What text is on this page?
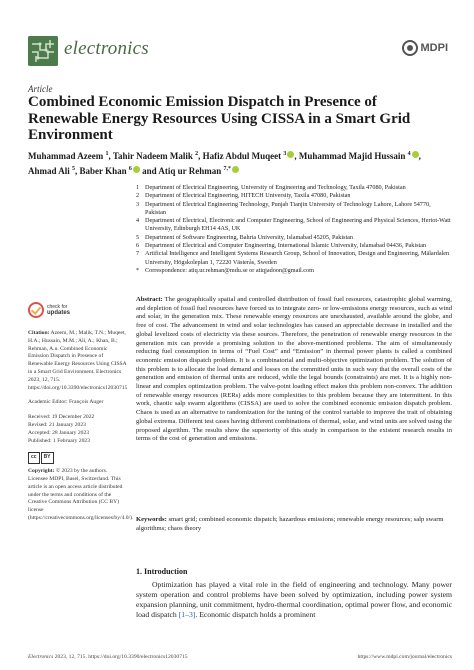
electronics	MDPI
Article
Combined Economic Emission Dispatch in Presence of Renewable Energy Resources Using CISSA in a Smart Grid Environment
Muhammad Azeem $^1$, Tahir Nadeem Malik $^2$, Hafiz Abdul Muqeet $^3$ , Muhammad Majid Hussain $^4$ , Ahmad Ali $^5$, Baber Khan $^6$ and Atiq ur Rehman $^{7,*}$
1 Department of Electrical Engineering, University of Engineering and Technology, Taxila 47080, Pakistan
2 Department of Electrical Engineering, HITECH University, Taxila 47080, Pakistan
3 Department of Electrical Engineering Technology, Punjab Tianjin University of Technology Lahore, Lahore 54770, Pakistan
4 Department of Electrical, Electronic and Computer Engineering, School of Engineering and Physical Sciences, Heriot-Watt University, Edinburgh EH14 4AS, UK
5 Department of Software Engineering, Bahria University, Islamabad 45205, Pakistan
6 Department of Electrical and Computer Engineering, International Islamic University, Islamabad 04436, Pakistan
7 Artificial Intelligence and Intelligent Systems Research Group, School of Innovation, Design and Engineering, Mälardalen University, Högskoleplan 1, 72220 Västerås, Sweden
* Correspondence: atiq.ur.rehman@mdu.se or atiqjadoon@gmail.com
check for
updates
Citation: Azeem, M.; Malik, T.N.; Muqeet, H.A.; Hussain, M.M.; Ali, A.; Khan, B.; Rehman, A.u. Combined Economic Emission Dispatch in Presence of Renewable Energy Resources Using CISSA in a Smart Grid Environment. Electronics 2023, 12, 715. https://doi.org/10.3390/electronics12030715
Academic Editor: François Auger
Received: 19 December 2022
Revised: 21 January 2023
Accepted: 28 January 2023
Published: 1 February 2023
cc	BY
Copyright: © 2023 by the authors. Licensee MDPI, Basel, Switzerland. This article is an open access article distributed under the terms and conditions of the Creative Commons Attribution (CC BY) license (https://creativecommons.org/licenses/by/4.0/).
Abstract: The geographically spatial and controlled distribution of fossil fuel resources, catastrophic global warming, and depletion of fossil fuel resources have forced us to integrate zero- or low-emissions energy resources, such as wind and solar, in the generation mix. These renewable energy resources are unexhausted, available around the globe, and free of cost. The advancement in wind and solar technologies has caused an appreciable decrease in installed and the global levelized costs of electricity via these sources. Therefore, the penetration of renewable energy resources in the generation mix can provide a promising solution to the above-mentioned problems. The aim of simultaneously reducing fuel consumption in terms of “Fuel Cost” and “Emission” in thermal power plants is called a combined economic emission dispatch problem. It is a combinatorial and multi-objective optimization problem. The solution of this problem is to allocate the load demand and losses on the committed units in such way that the overall costs of the generation and emission of thermal units are reduced, while the legal bounds (constraints) are met. It is a highly non-linear and complex optimization problem. The valve-point loading effect makes this problem non-convex. The addition of renewable energy resources (RERs) adds more complexities to this problem because they are intermittent. In this work, chaotic salp swarm algorithms (CISSA) are used to solve the combined economic emission dispatch problem. Chaos is used as an alternative to randomization for the tuning of the control variable to improve the trait of obtaining global extrema. Different test cases having different combinations of thermal, solar, and wind units are solved using the proposed algorithm. The results show the superiority of this study in comparison to the existent research results in terms of the cost of generation and emissions.
Keywords: smart grid; combined economic dispatch; hazardous emissions; renewable energy resources; salp swarm algorithms; chaos theory
1. Introduction
Optimization has played a vital role in the field of engineering and technology. Many power system operation and control problems have been solved by optimization, including power system expansion planning, unit commitment, hydro-thermal coordination, optimal power flow, and economic load dispatch [1–3]. Economic dispatch holds a prominent
Electronics 2023, 12, 715. https://doi.org/10.3390/electronics12030715	https://www.mdpi.com/journal/electronics
